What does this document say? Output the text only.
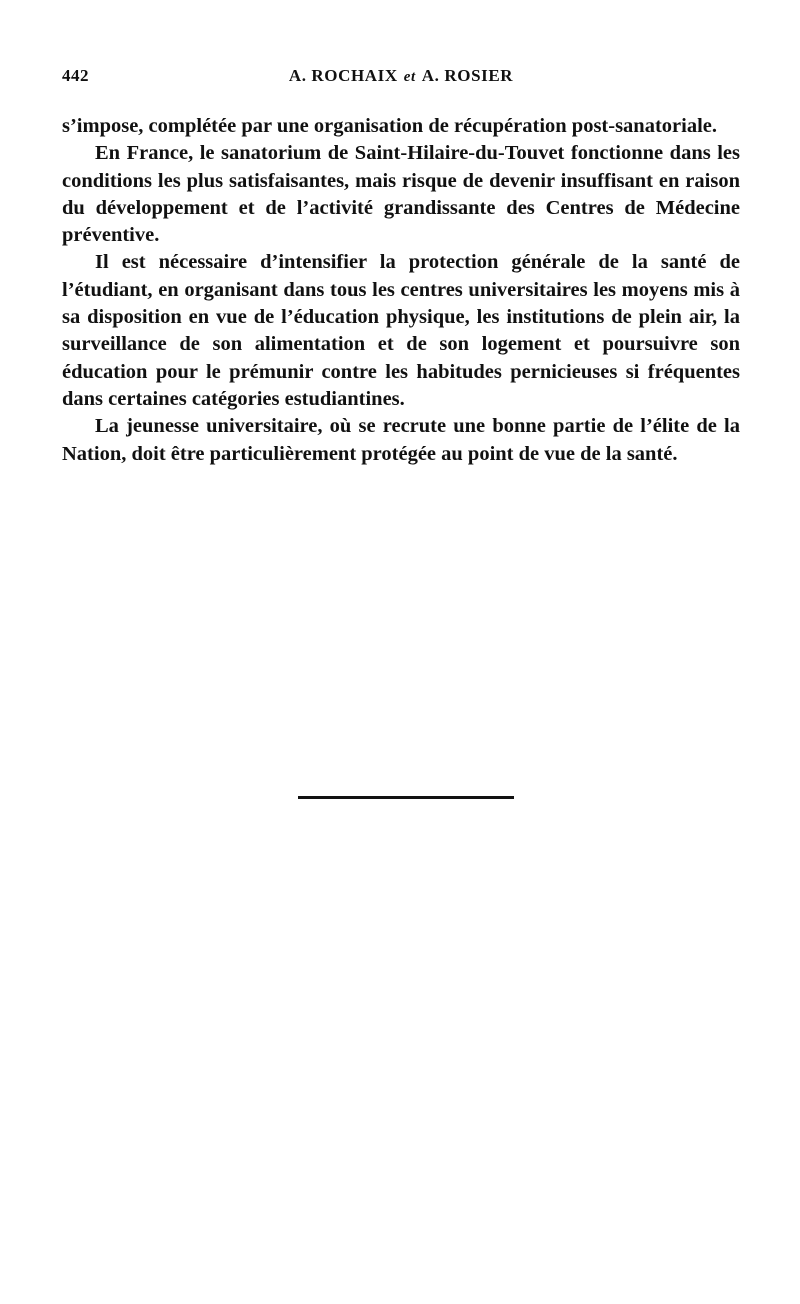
442	A. ROCHAIX et A. ROSIER

s’impose, complétée par une organisation de récupération post-sanatoriale.

En France, le sanatorium de Saint-Hilaire-du-Touvet fonctionne dans les conditions les plus satisfaisantes, mais risque de devenir insuffisant en raison du développement et de l’activité grandissante des Centres de Médecine préventive.

Il est nécessaire d’intensifier la protection générale de la santé de l’étudiant, en organisant dans tous les centres universitaires les moyens mis à sa disposition en vue de l’éducation physique, les institutions de plein air, la surveillance de son alimentation et de son logement et poursuivre son éducation pour le prémunir contre les habitudes pernicieuses si fréquentes dans certaines catégories estudiantines.

La jeunesse universitaire, où se recrute une bonne partie de l’élite de la Nation, doit être particulièrement protégée au point de vue de la santé.
